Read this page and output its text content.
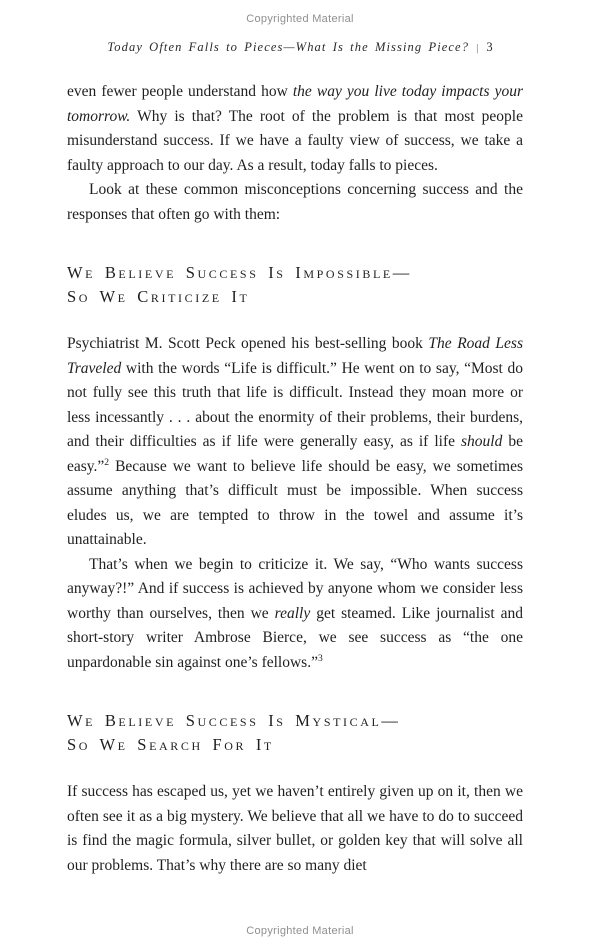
Copyrighted Material
Today Often Falls to Pieces—What Is the Missing Piece? | 3

even fewer people understand how the way you live today impacts your tomorrow. Why is that? The root of the problem is that most people misunderstand success. If we have a faulty view of success, we take a faulty approach to our day. As a result, today falls to pieces.

Look at these common misconceptions concerning success and the responses that often go with them:

We Believe Success Is Impossible—
So We Criticize It

Psychiatrist M. Scott Peck opened his best-selling book The Road Less Traveled with the words “Life is difficult.” He went on to say, “Most do not fully see this truth that life is difficult. Instead they moan more or less incessantly . . . about the enormity of their problems, their burdens, and their difficulties as if life were generally easy, as if life should be easy.”$^2$ Because we want to believe life should be easy, we sometimes assume anything that’s difficult must be impossible. When success eludes us, we are tempted to throw in the towel and assume it’s unattainable.

That’s when we begin to criticize it. We say, “Who wants success anyway?!” And if success is achieved by anyone whom we consider less worthy than ourselves, then we really get steamed. Like journalist and short-story writer Ambrose Bierce, we see success as “the one unpardonable sin against one’s fellows.”$^3$

We Believe Success Is Mystical—
So We Search For It

If success has escaped us, yet we haven’t entirely given up on it, then we often see it as a big mystery. We believe that all we have to do to succeed is find the magic formula, silver bullet, or golden key that will solve all our problems. That’s why there are so many diet

Copyrighted Material
